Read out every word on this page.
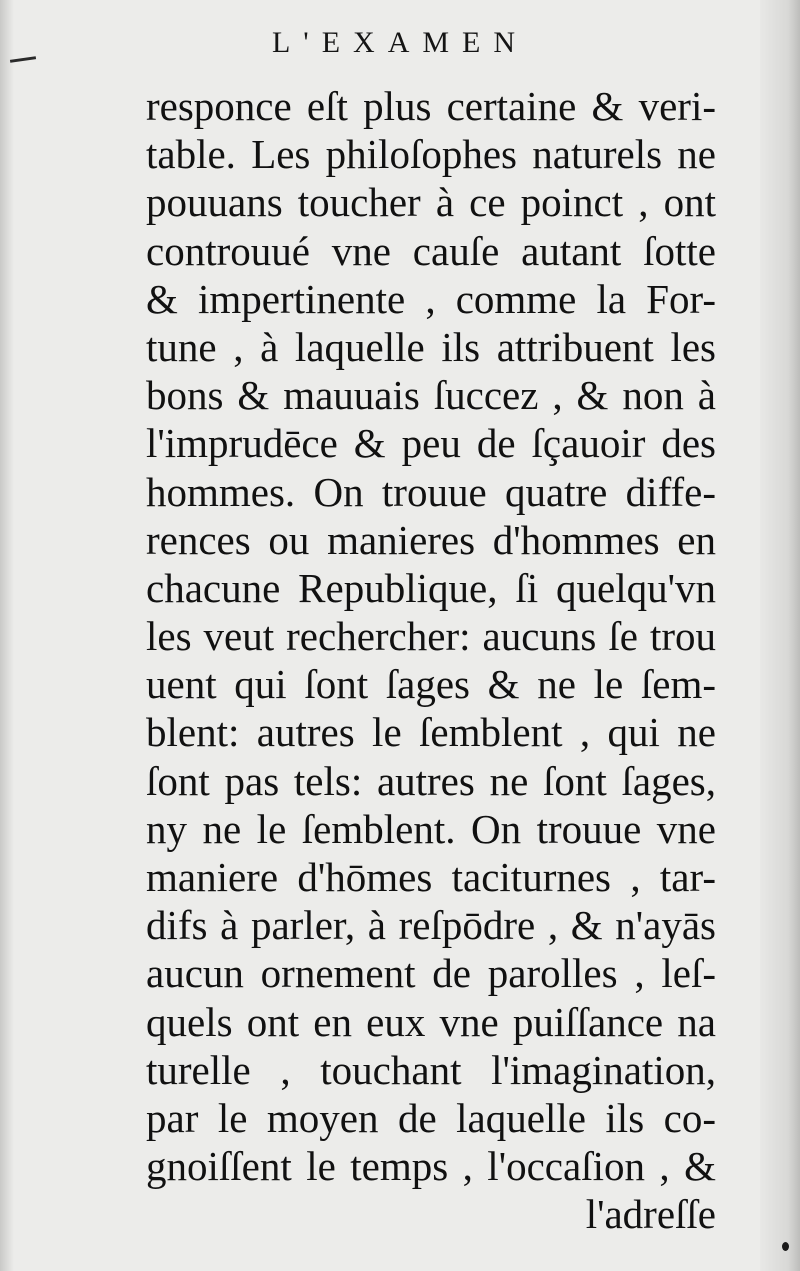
L'EXAMEN
responce eſt plus certaine & veri-
table. Les philoſophes naturels ne
pouuans toucher à ce poinct , ont
controuué vne cauſe autant ſotte
& impertinente , comme la For-
tune , à laquelle ils attribuent les
bons & mauuais ſuccez , & non à
l'imprudēce & peu de ſçauoir des
hommes. On trouue quatre diffe-
rences ou manieres d'hommes en
chacune Republique, ſi quelqu'vn
les veut rechercher: aucuns ſe trou
uent qui ſont ſages & ne le ſem-
blent: autres le ſemblent , qui ne
ſont pas tels: autres ne ſont ſages,
ny ne le ſemblent. On trouue vne
maniere d'hōmes taciturnes , tar-
difs à parler, à reſpōdre , & n'ayās
aucun ornement de parolles , leſ-
quels ont en eux vne puiſſance na
turelle , touchant l'imagination,
par le moyen de laquelle ils co-
gnoiſſent le temps , l'occaſion , &
l'adreſſe
